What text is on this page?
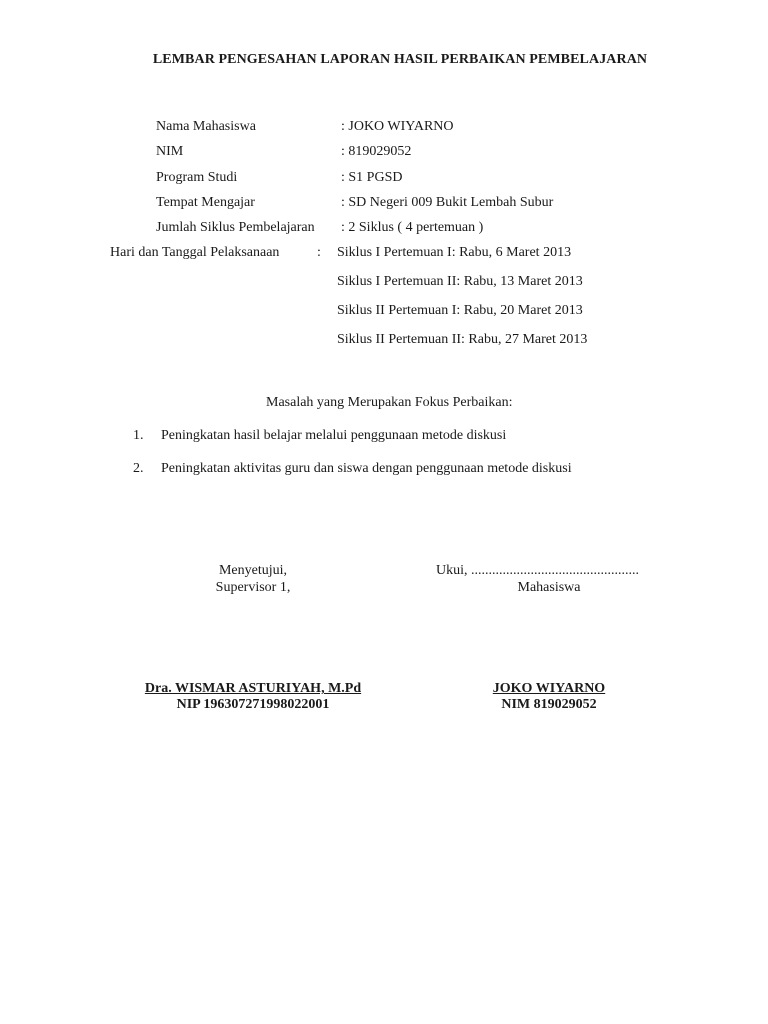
LEMBAR PENGESAHAN LAPORAN HASIL PERBAIKAN PEMBELAJARAN
Nama Mahasiswa	: JOKO WIYARNO
NIM	: 819029052
Program Studi	: S1 PGSD
Tempat Mengajar	: SD Negeri 009 Bukit Lembah Subur
Jumlah Siklus Pembelajaran : 2 Siklus ( 4 pertemuan )
Hari dan Tanggal Pelaksanaan	: Siklus I Pertemuan I: Rabu, 6 Maret 2013
Siklus I Pertemuan II: Rabu, 13 Maret 2013
Siklus II Pertemuan I: Rabu, 20 Maret 2013
Siklus II Pertemuan II: Rabu, 27 Maret 2013
Masalah yang Merupakan Fokus Perbaikan:
1. Peningkatan hasil belajar melalui penggunaan metode diskusi
2. Peningkatan aktivitas guru dan siswa dengan penggunaan metode diskusi
Menyetujui,
Supervisor 1,
Ukui, ................................................
Mahasiswa
Dra. WISMAR ASTURIYAH, M.Pd
NIP 196307271998022001
JOKO WIYARNO
NIM 819029052
